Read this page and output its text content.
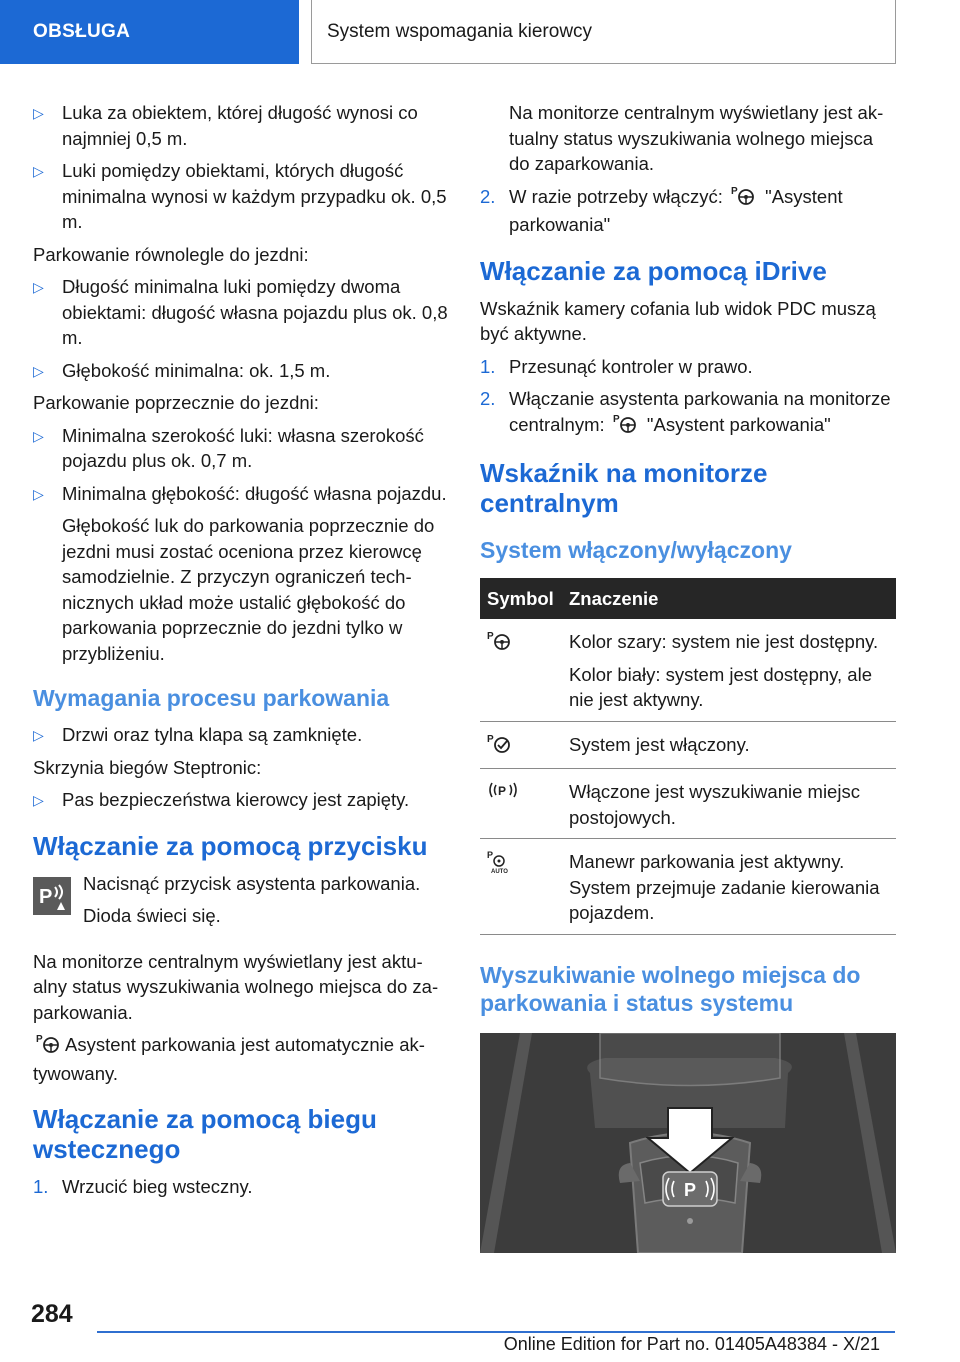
OBSŁUGA	System wspomagania kierowcy
▷ Luka za obiektem, której długość wynosi co najmniej 0,5 m.
▷ Luki pomiędzy obiektami, których długość minimalna wynosi w każdym przypadku ok. 0,5 m.

Parkowanie równolegle do jezdni:

▷ Długość minimalna luki pomiędzy dwoma obiektami: długość własna pojazdu plus ok. 0,8 m.
▷ Głębokość minimalna: ok. 1,5 m.

Parkowanie poprzecznie do jezdni:

▷ Minimalna szerokość luki: własna szerokość pojazdu plus ok. 0,7 m.
▷ Minimalna głębokość: długość własna pojazdu.
Głębokość luk do parkowania poprzecznie do jezdni musi zostać oceniona przez kierowcę samodzielnie. Z przyczyn ograniczeń technicznych układ może ustalić głębokość do parkowania poprzecznie do jezdni tylko w przybliżeniu.
Wymagania procesu parkowania
▷ Drzwi oraz tylna klapa są zamknięte.

Skrzynia biegów Steptronic:

▷ Pas bezpieczeństwa kierowcy jest zapięty.
Włączanie za pomocą przycisku
P

Nacisnąć przycisk asystenta parkowania.

Dioda świeci się.

Na monitorze centralnym wyświetlany jest aktualny status wyszukiwania wolnego miejsca do zaparkowania.

P Asystent parkowania jest automatycznie aktywowany.

Włączanie za pomocą biegu wstecznego
1. Wrzucić bieg wsteczny.
Na monitorze centralnym wyświetlany jest aktualny status wyszukiwania wolnego miejsca do zaparkowania.
2. W razie potrzeby włączyć: P "Asystent parkowania"
Włączanie za pomocą iDrive

Wskaźnik kamery cofania lub widok PDC muszą być aktywne.

1. Przesunąć kontroler w prawo.
2. Włączanie asystenta parkowania na monitorze centralnym: P "Asystent parkowania"
Wskaźnik na monitorze centralnym
System włączony/wyłączony
Symbol	Znaczenie

P	Kolor szary: system nie jest dostępny.

Kolor biały: system jest dostępny, ale nie jest aktywny.

P	System jest włączony.

P	Włączone jest wyszukiwanie miejsc postojowych.

P
AUTO	Manewr parkowania jest aktywny. System przejmuje zadanie kierowania pojazdem.
Wyszukiwanie wolnego miejsca do parkowania i status systemu
P
284
Online Edition for Part no. 01405A48384 - X/21
